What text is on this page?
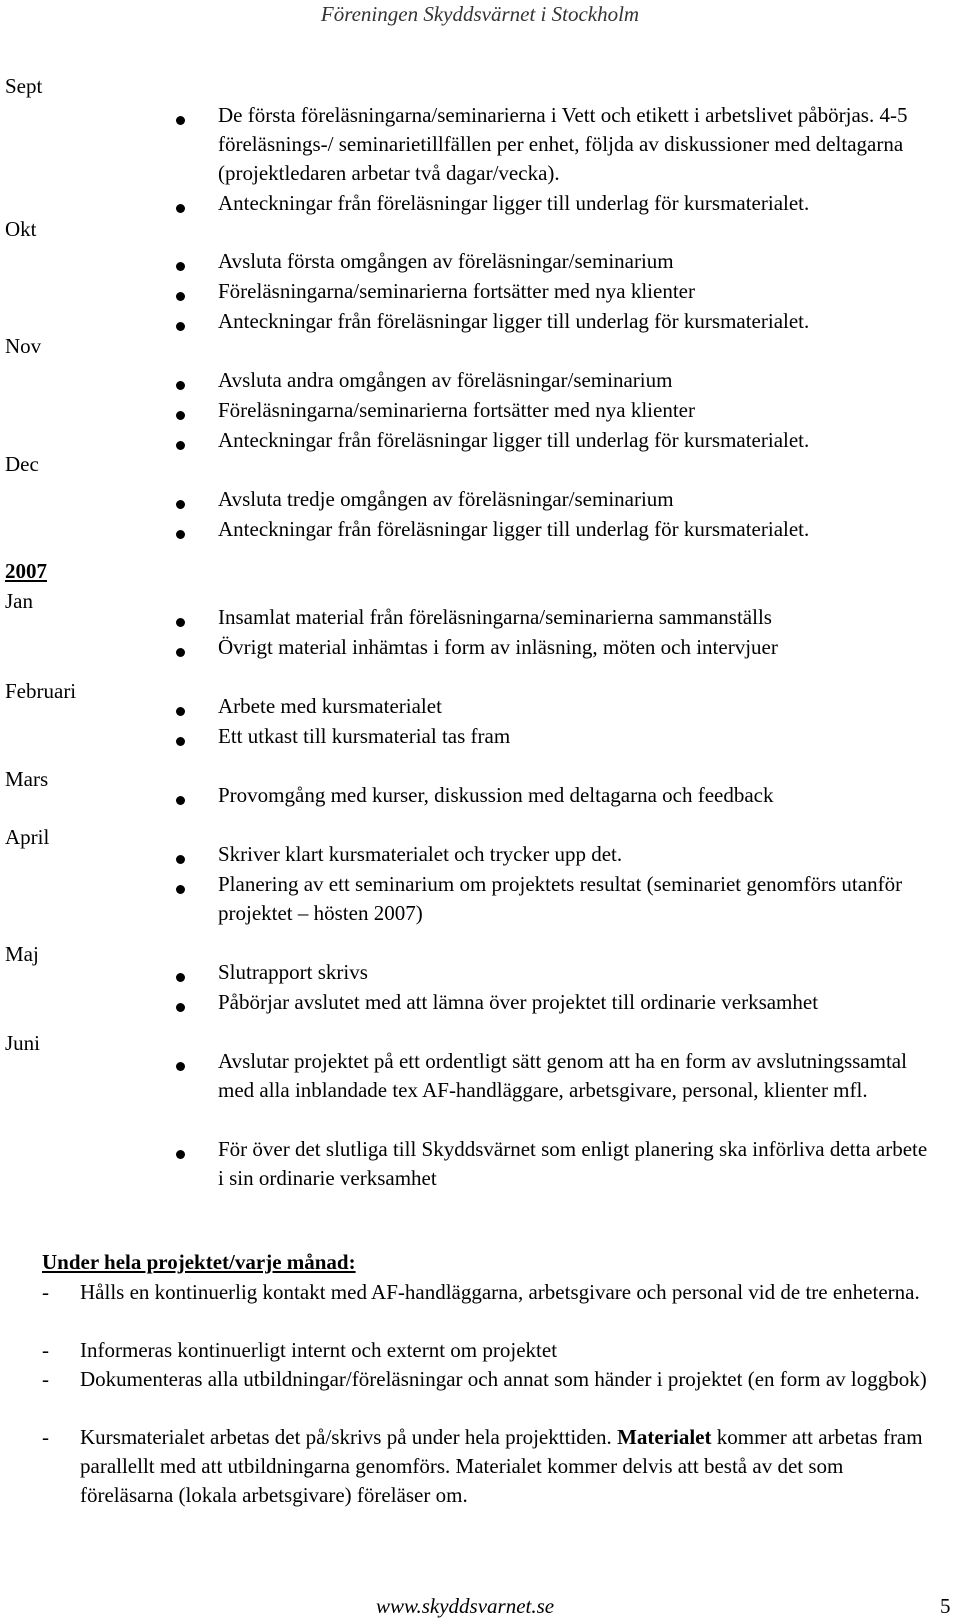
Föreningen Skyddsvärnet i Stockholm
Sept
Okt
Nov
Dec
2007
Jan
Februari
Mars
April
Maj
Juni
De första föreläsningarna/seminarierna i Vett och etikett i arbetslivet påbörjas. 4-5 föreläsnings-/ seminarietillfällen per enhet, följda av diskussioner med deltagarna (projektledaren arbetar två dagar/vecka).
Anteckningar från föreläsningar ligger till underlag för kursmaterialet.
Avsluta första omgången av föreläsningar/seminarium
Föreläsningarna/seminarierna fortsätter med nya klienter
Anteckningar från föreläsningar ligger till underlag för kursmaterialet.
Avsluta andra omgången av föreläsningar/seminarium
Föreläsningarna/seminarierna fortsätter med nya klienter
Anteckningar från föreläsningar ligger till underlag för kursmaterialet.
Avsluta tredje omgången av föreläsningar/seminarium
Anteckningar från föreläsningar ligger till underlag för kursmaterialet.
Insamlat material från föreläsningarna/seminarierna sammanställs
Övrigt material inhämtas i form av inläsning, möten och intervjuer
Arbete med kursmaterialet
Ett utkast till kursmaterial tas fram
Provomgång med kurser, diskussion med deltagarna och feedback
Skriver klart kursmaterialet och trycker upp det.
Planering av ett seminarium om projektets resultat (seminariet genomförs utanför projektet – hösten 2007)
Slutrapport skrivs
Påbörjar avslutet med att lämna över projektet till ordinarie verksamhet
Avslutar projektet på ett ordentligt sätt genom att ha en form av avslutningssamtal med alla inblandade tex AF-handläggare, arbetsgivare, personal, klienter mfl.
För över det slutliga till Skyddsvärnet som enligt planering ska införliva detta arbete i sin ordinarie verksamhet
Under hela projektet/varje månad:
- Hålls en kontinuerlig kontakt med AF-handläggarna, arbetsgivare och personal vid de tre enheterna.
- Informeras kontinuerligt internt och externt om projektet
- Dokumenteras alla utbildningar/föreläsningar och annat som händer i projektet (en form av loggbok)
- Kursmaterialet arbetas det på/skrivs på under hela projekttiden. Materialet kommer att arbetas fram parallellt med att utbildningarna genomförs. Materialet kommer delvis att bestå av det som föreläsarna (lokala arbetsgivare) föreläser om.
www.skyddsvarnet.se	5
